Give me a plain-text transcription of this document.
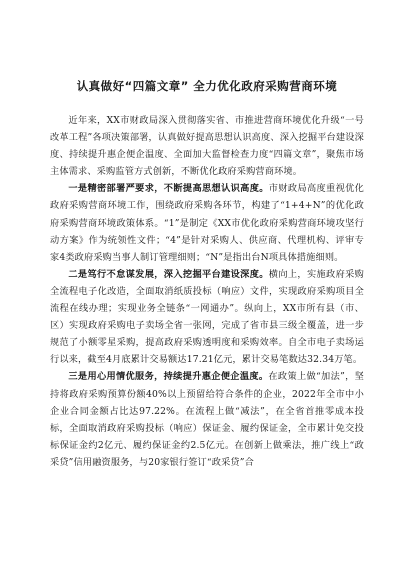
认真做好“四篇文章” 全力优化政府采购营商环境

近年来，XX市财政局深入贯彻落实省、市推进营商环境优化升级“一号改革工程”各项决策部署，认真做好提高思想认识高度、深入挖掘平台建设深度、持续提升惠企便企温度、全面加大监督检查力度“四篇文章”，聚焦市场主体需求、采购监管方式创新，不断优化政府采购营商环境。

一是精密部署严要求，不断提高思想认识高度。市财政局高度重视优化政府采购营商环境工作，围绕政府采购各环节，构建了“1+4+N”的优化政府采购营商环境政策体系。“1”是制定《XX市优化政府采购营商环境攻坚行动方案》作为统领性文件；“4”是针对采购人、供应商、代理机构、评审专家4类政府采购当事人制订管理细则；“N”是指出台N项具体措施细则。

二是笃行不怠谋发展，深入挖掘平台建设深度。横向上，实施政府采购全流程电子化改造，全面取消纸质投标（响应）文件，实现政府采购项目全流程在线办理；实现业务全链条“一网通办”。纵向上，XX市所有县（市、区）实现政府采购电子卖场全省一张网，完成了省市县三级全覆盖，进一步规范了小额零星采购，提高政府采购透明度和采购效率。自全市电子卖场运行以来，截至4月底累计交易额达17.21亿元，累计交易笔数达32.34万笔。

三是用心用情优服务，持续提升惠企便企温度。在政策上做“加法”，坚持将政府采购预算份额40%以上预留给符合条件的企业，2022年全市中小企业合同金额占比达97.22%。在流程上做“减法”，在全省首推零成本投标，全面取消政府采购投标（响应）保证金、履约保证金，全市累计免交投标保证金约2亿元、履约保证金约2.5亿元。在创新上做乘法，推广线上“政采贷”信用融资服务，与20家银行签订“政采贷”合
